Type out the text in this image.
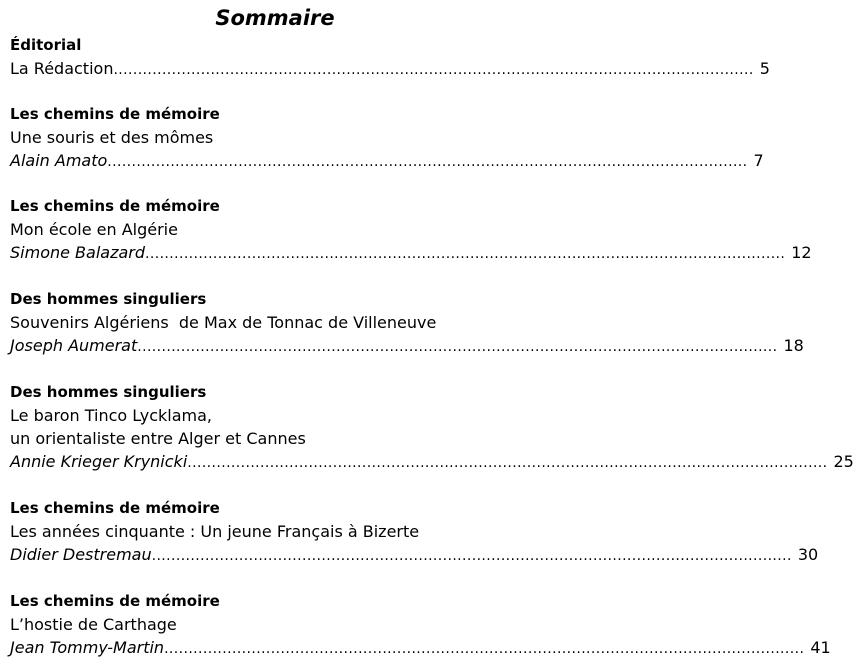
Sommaire
Éditorial
La Rédaction .................................................................................................................................... 5
Les chemins de mémoire
Une souris et des mômes
Alain Amato .................................................................................................................................... 7
Les chemins de mémoire
Mon école en Algérie
Simone Balazard .................................................................................................................................... 12
Des hommes singuliers
Souvenirs Algériens  de Max de Tonnac de Villeneuve
Joseph Aumerat .................................................................................................................................... 18
Des hommes singuliers
Le baron Tinco Lycklama,
un orientaliste entre Alger et Cannes
Annie Krieger Krynicki .................................................................................................................................... 25
Les chemins de mémoire
Les années cinquante : Un jeune Français à Bizerte
Didier Destremau .................................................................................................................................... 30
Les chemins de mémoire
L’hostie de Carthage
Jean Tommy-Martin .................................................................................................................................... 41
